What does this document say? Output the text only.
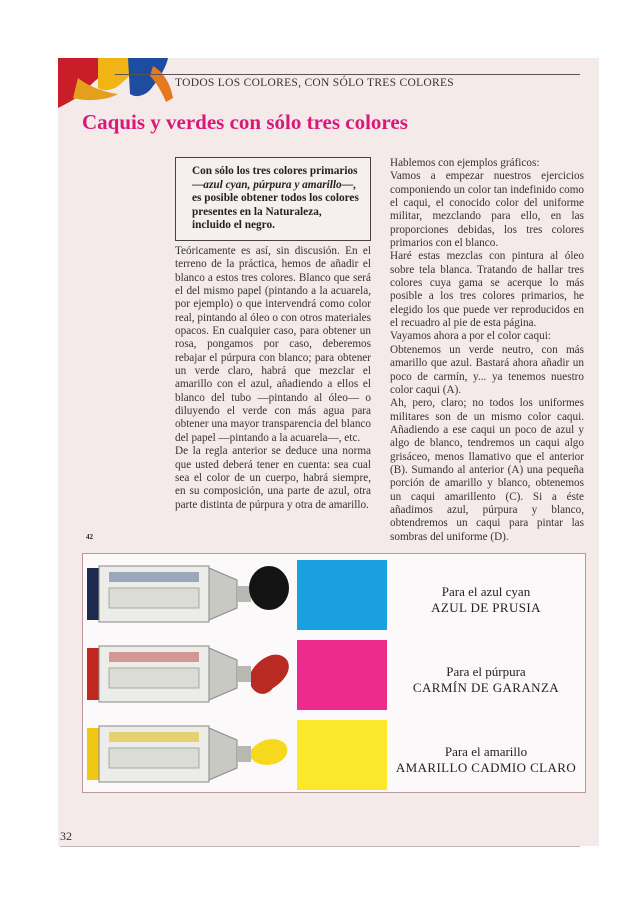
TODOS LOS COLORES, CON SÓLO TRES COLORES
Caquis y verdes con sólo tres colores
Con sólo los tres colores primarios —azul cyan, púrpura y amarillo—, es posible obtener todos los colores presentes en la Naturaleza, incluido el negro.

Teóricamente es así, sin discusión. En el terreno de la práctica, hemos de añadir el blanco a estos tres colores. Blanco que será el del mismo papel (pintando a la acuarela, por ejemplo) o que intervendrá como color real, pintando al óleo o con otros materiales opacos. En cualquier caso, para obtener un rosa, pongamos por caso, deberemos rebajar el púrpura con blanco; para obtener un verde claro, habrá que mezclar el amarillo con el azul, añadiendo a ellos el blanco del tubo —pintando al óleo— o diluyendo el verde con más agua para obtener una mayor transparencia del blanco del papel —pintando a la acuarela—, etc.

De la regla anterior se deduce una norma que usted deberá tener en cuenta: sea cual sea el color de un cuerpo, habrá siempre, en su composición, una parte de azul, otra parte distinta de púrpura y otra de amarillo.

Hablemos con ejemplos gráficos:

Vamos a empezar nuestros ejercicios componiendo un color tan indefinido como el caqui, el conocido color del uniforme militar, mezclando para ello, en las proporciones debidas, los tres colores primarios con el blanco.

Haré estas mezclas con pintura al óleo sobre tela blanca. Tratando de hallar tres colores cuya gama se acerque lo más posible a los tres colores primarios, he elegido los que puede ver reproducidos en el recuadro al pie de esta página.

Vayamos ahora a por el color caqui:

Obtenemos un verde neutro, con más amarillo que azul. Bastará ahora añadir un poco de carmín, y... ya tenemos nuestro color caqui (A).

Ah, pero, claro; no todos los uniformes militares son de un mismo color caqui. Añadiendo a ese caqui un poco de azul y algo de blanco, tendremos un caqui algo grisáceo, menos llamativo que el anterior (B). Sumando al anterior (A) una pequeña porción de amarillo y blanco, obtenemos un caqui amarillento (C). Si a éste añadimos azul, púrpura y blanco, obtendremos un caqui para pintar las sombras del uniforme (D).

42
Para el azul cyan
AZUL DE PRUSIA
Para el púrpura
CARMÍN DE GARANZA
Para el amarillo
AMARILLO CADMIO CLARO
32
